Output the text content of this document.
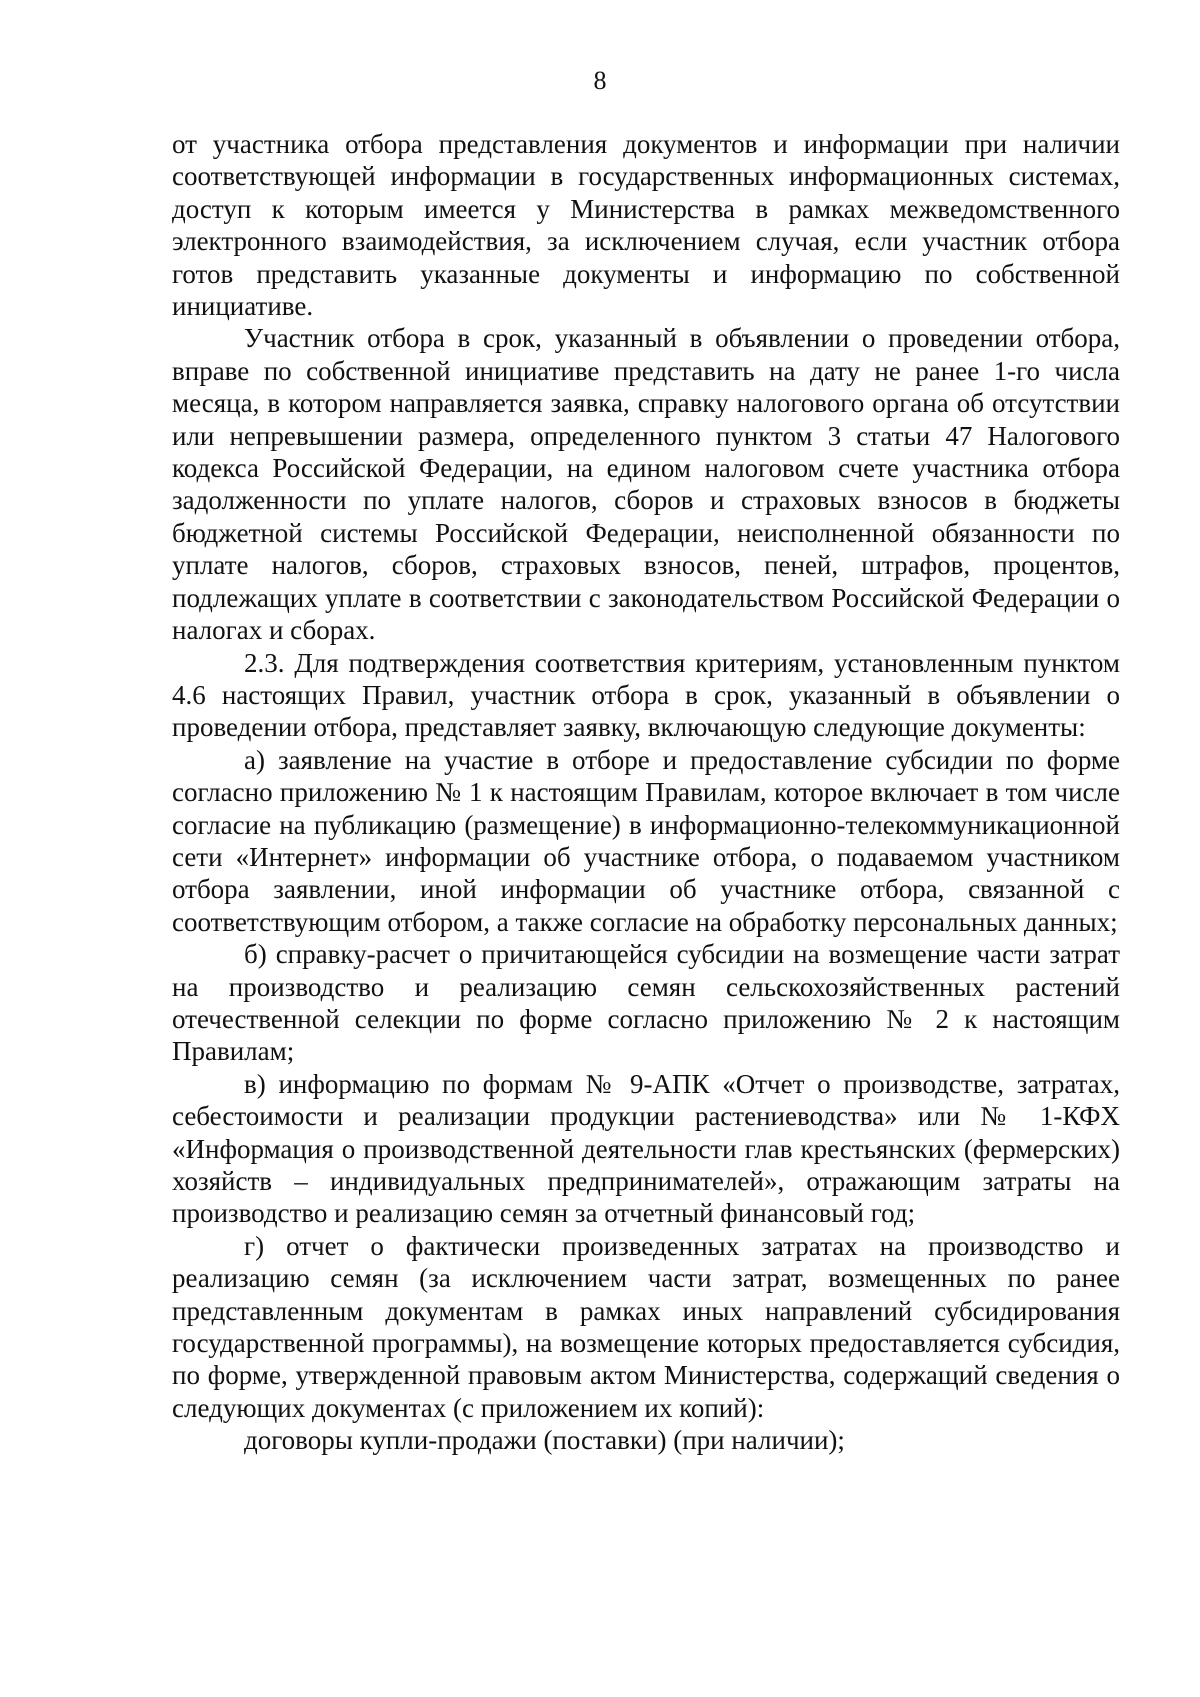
8

от участника отбора представления документов и информации при наличии соответствующей информации в государственных информационных системах, доступ к которым имеется у Министерства в рамках межведомственного электронного взаимодействия, за исключением случая, если участник отбора готов представить указанные документы и информацию по собственной инициативе.

Участник отбора в срок, указанный в объявлении о проведении отбора, вправе по собственной инициативе представить на дату не ранее 1-го числа месяца, в котором направляется заявка, справку налогового органа об отсутствии или непревышении размера, определенного пунктом 3 статьи 47 Налогового кодекса Российской Федерации, на едином налоговом счете участника отбора задолженности по уплате налогов, сборов и страховых взносов в бюджеты бюджетной системы Российской Федерации, неисполненной обязанности по уплате налогов, сборов, страховых взносов, пеней, штрафов, процентов, подлежащих уплате в соответствии с законодательством Российской Федерации о налогах и сборах.

2.3. Для подтверждения соответствия критериям, установленным пунктом 4.6 настоящих Правил, участник отбора в срок, указанный в объявлении о проведении отбора, представляет заявку, включающую следующие документы:

а) заявление на участие в отборе и предоставление субсидии по форме согласно приложению № 1 к настоящим Правилам, которое включает в том числе согласие на публикацию (размещение) в информационно-телекоммуникационной сети «Интернет» информации об участнике отбора, о подаваемом участником отбора заявлении, иной информации об участнике отбора, связанной с соответствующим отбором, а также согласие на обработку персональных данных;

б) справку-расчет о причитающейся субсидии на возмещение части затрат на производство и реализацию семян сельскохозяйственных растений отечественной селекции по форме согласно приложению № 2 к настоящим Правилам;

в) информацию по формам № 9-АПК «Отчет о производстве, затратах, себестоимости и реализации продукции растениеводства» или № 1-КФХ «Информация о производственной деятельности глав крестьянских (фермерских) хозяйств – индивидуальных предпринимателей», отражающим затраты на производство и реализацию семян за отчетный финансовый год;

г) отчет о фактически произведенных затратах на производство и реализацию семян (за исключением части затрат, возмещенных по ранее представленным документам в рамках иных направлений субсидирования государственной программы), на возмещение которых предоставляется субсидия, по форме, утвержденной правовым актом Министерства, содержащий сведения о следующих документах (с приложением их копий):

договоры купли-продажи (поставки) (при наличии);
